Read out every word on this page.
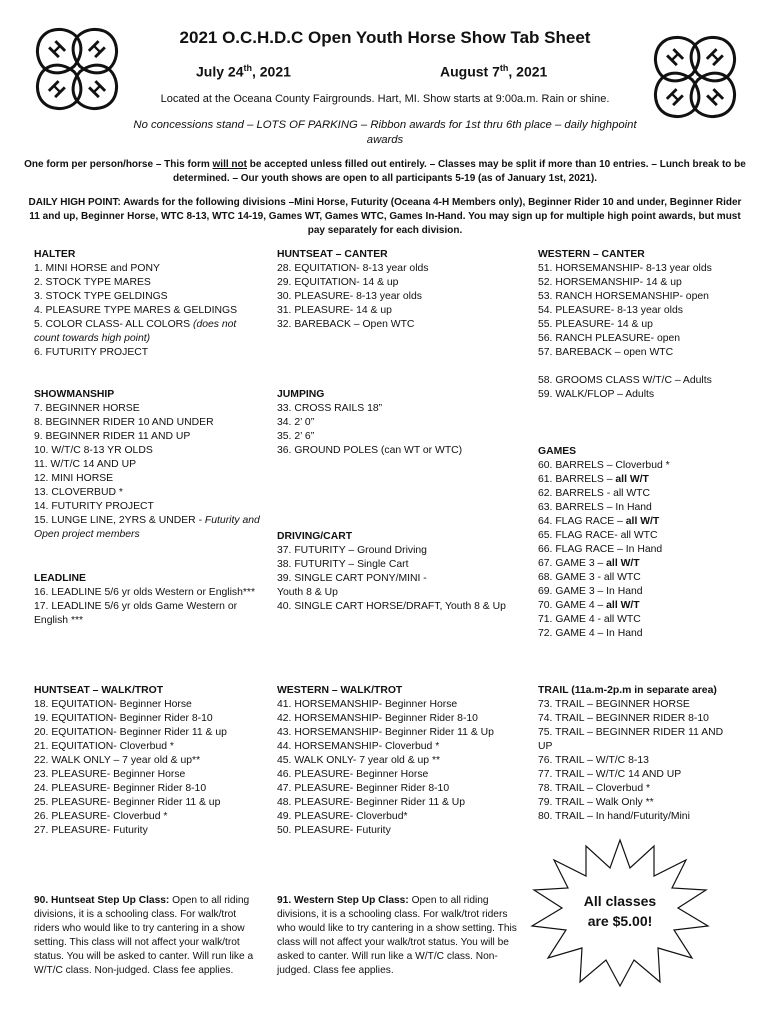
H H
H H
H H
H H
2021 O.C.H.D.C Open Youth Horse Show Tab Sheet
July 24th, 2021	August 7th, 2021
Located at the Oceana County Fairgrounds. Hart, MI. Show starts at 9:00a.m. Rain or shine.
No concessions stand – LOTS OF PARKING – Ribbon awards for 1st thru 6th place – daily highpoint awards
One form per person/horse – This form will not be accepted unless filled out entirely. – Classes may be split if more than 10 entries. – Lunch break to be determined. – Our youth shows are open to all participants 5-19 (as of January 1st, 2021).
DAILY HIGH POINT: Awards for the following divisions –Mini Horse, Futurity (Oceana 4-H Members only), Beginner Rider 10 and under, Beginner Rider 11 and up, Beginner Horse, WTC 8-13, WTC 14-19, Games WT, Games WTC, Games In-Hand. You may sign up for multiple high point awards, but must pay separately for each division.
HALTER
1. MINI HORSE and PONY
2. STOCK TYPE MARES
3. STOCK TYPE GELDINGS
4. PLEASURE TYPE MARES & GELDINGS
5. COLOR CLASS- ALL COLORS (does not count towards high point)
6. FUTURITY PROJECT
SHOWMANSHIP
7. BEGINNER HORSE
8. BEGINNER RIDER 10 AND UNDER
9. BEGINNER RIDER 11 AND UP
10. W/T/C 8-13 YR OLDS
11. W/T/C 14 AND UP
12. MINI HORSE
13. CLOVERBUD *
14. FUTURITY PROJECT
15. LUNGE LINE, 2YRS & UNDER - Futurity and Open project members
LEADLINE
16. LEADLINE 5/6 yr olds Western or English***
17. LEADLINE 5/6 yr olds Game Western or English ***
HUNTSEAT – CANTER
28. EQUITATION- 8-13 year olds
29. EQUITATION- 14 & up
30. PLEASURE- 8-13 year olds
31. PLEASURE- 14 & up
32. BAREBACK – Open WTC
JUMPING
33. CROSS RAILS 18”
34. 2’ 0”
35. 2’ 6”
36. GROUND POLES (can WT or WTC)
DRIVING/CART
37. FUTURITY – Ground Driving
38. FUTURITY – Single Cart
39. SINGLE CART PONY/MINI -
Youth 8 & Up
40. SINGLE CART HORSE/DRAFT, Youth 8 & Up
WESTERN – CANTER
51. HORSEMANSHIP- 8-13 year olds
52. HORSEMANSHIP- 14 & up
53. RANCH HORSEMANSHIP- open
54. PLEASURE- 8-13 year olds
55. PLEASURE- 14 & up
56. RANCH PLEASURE- open
57. BAREBACK – open WTC
58. GROOMS CLASS W/T/C – Adults
59. WALK/FLOP – Adults
GAMES
60. BARRELS – Cloverbud *
61. BARRELS – all W/T
62. BARRELS - all WTC
63. BARRELS – In Hand
64. FLAG RACE – all W/T
65. FLAG RACE- all WTC
66. FLAG RACE – In Hand
67. GAME 3 – all W/T
68. GAME 3 - all WTC
69. GAME 3 – In Hand
70. GAME 4 – all W/T
71. GAME 4 - all WTC
72. GAME 4 – In Hand
HUNTSEAT – WALK/TROT
18. EQUITATION- Beginner Horse
19. EQUITATION- Beginner Rider 8-10
20. EQUITATION- Beginner Rider 11 & up
21. EQUITATION- Cloverbud *
22. WALK ONLY – 7 year old & up**
23. PLEASURE- Beginner Horse
24. PLEASURE- Beginner Rider 8-10
25. PLEASURE- Beginner Rider 11 & up
26. PLEASURE- Cloverbud *
27. PLEASURE- Futurity
WESTERN – WALK/TROT
41. HORSEMANSHIP- Beginner Horse
42. HORSEMANSHIP- Beginner Rider 8-10
43. HORSEMANSHIP- Beginner Rider 11 & Up
44. HORSEMANSHIP- Cloverbud *
45. WALK ONLY- 7 year old & up **
46. PLEASURE- Beginner Horse
47. PLEASURE- Beginner Rider 8-10
48. PLEASURE- Beginner Rider 11 & Up
49. PLEASURE- Cloverbud*
50. PLEASURE- Futurity
TRAIL (11a.m-2p.m in separate area)
73. TRAIL – BEGINNER HORSE
74. TRAIL – BEGINNER RIDER 8-10
75. TRAIL – BEGINNER RIDER 11 AND UP
76. TRAIL – W/T/C 8-13
77. TRAIL – W/T/C 14 AND UP
78. TRAIL – Cloverbud *
79. TRAIL – Walk Only **
80. TRAIL – In hand/Futurity/Mini
90. Huntseat Step Up Class: Open to all riding divisions, it is a schooling class. For walk/trot riders who would like to try cantering in a show setting. This class will not affect your walk/trot status. You will be asked to canter. Will run like a W/T/C class. Non-judged. Class fee applies.
91. Western Step Up Class: Open to all riding divisions, it is a schooling class. For walk/trot riders who would like to try cantering in a show setting. This class will not affect your walk/trot status. You will be asked to canter. Will run like a W/T/C class. Non-judged. Class fee applies.
All classes
are $5.00!
